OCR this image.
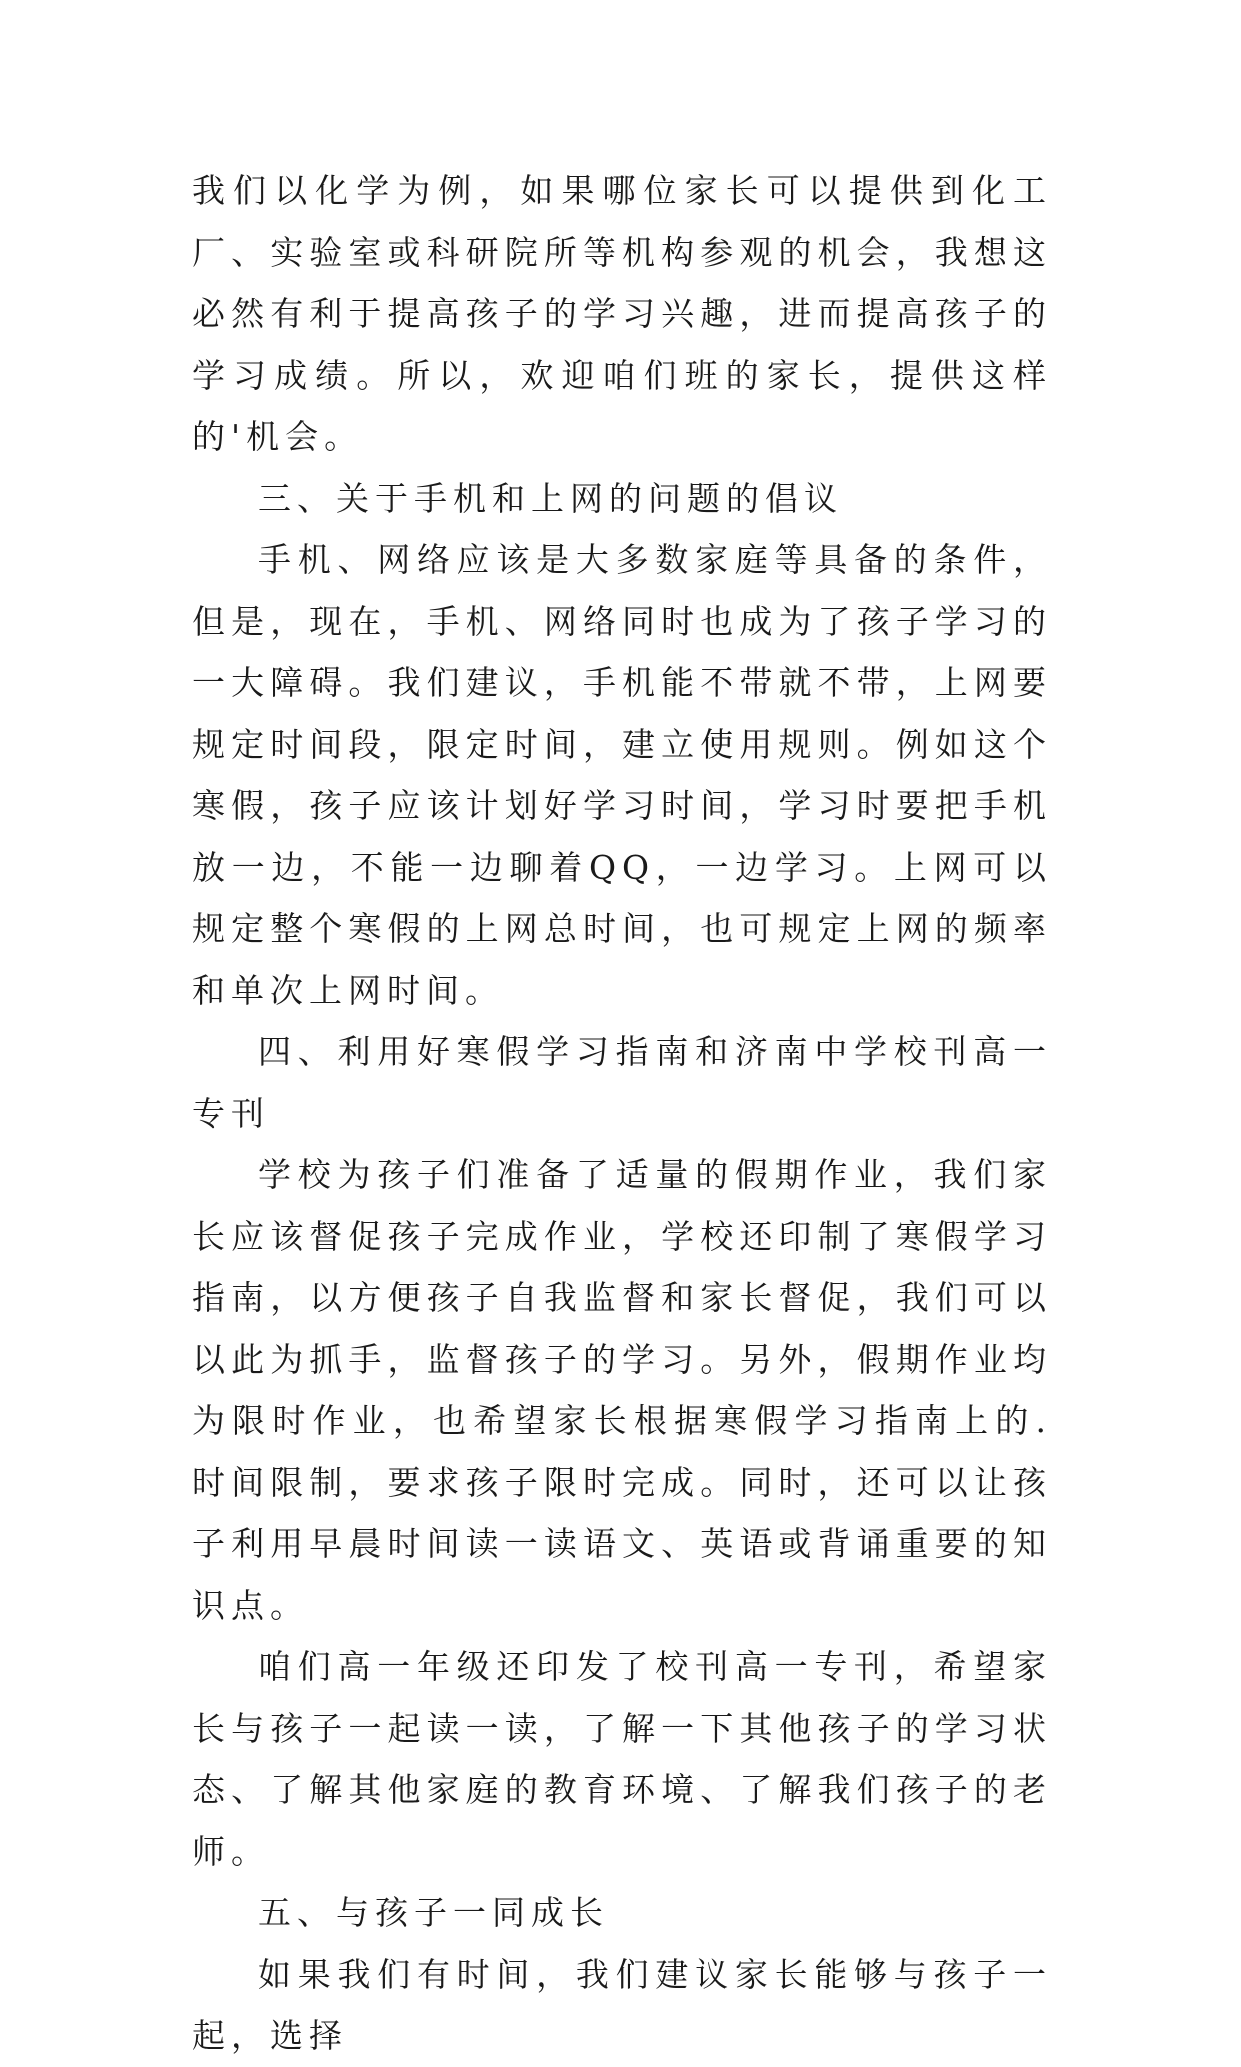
我们以化学为例，如果哪位家长可以提供到化工厂、实验室或科研院所等机构参观的机会，我想这必然有利于提高孩子的学习兴趣，进而提高孩子的学习成绩。所以，欢迎咱们班的家长，提供这样的'机会。

三、关于手机和上网的问题的倡议

手机、网络应该是大多数家庭等具备的条件，但是，现在，手机、网络同时也成为了孩子学习的一大障碍。我们建议，手机能不带就不带，上网要规定时间段，限定时间，建立使用规则。例如这个寒假，孩子应该计划好学习时间，学习时要把手机放一边，不能一边聊着QQ，一边学习。上网可以规定整个寒假的上网总时间，也可规定上网的频率和单次上网时间。

四、利用好寒假学习指南和济南中学校刊高一专刊

学校为孩子们准备了适量的假期作业，我们家长应该督促孩子完成作业，学校还印制了寒假学习指南，以方便孩子自我监督和家长督促，我们可以以此为抓手，监督孩子的学习。另外，假期作业均为限时作业，也希望家长根据寒假学习指南上的.时间限制，要求孩子限时完成。同时，还可以让孩子利用早晨时间读一读语文、英语或背诵重要的知识点。

咱们高一年级还印发了校刊高一专刊，希望家长与孩子一起读一读，了解一下其他孩子的学习状态、了解其他家庭的教育环境、了解我们孩子的老师。

五、与孩子一同成长

如果我们有时间，我们建议家长能够与孩子一起，选择
